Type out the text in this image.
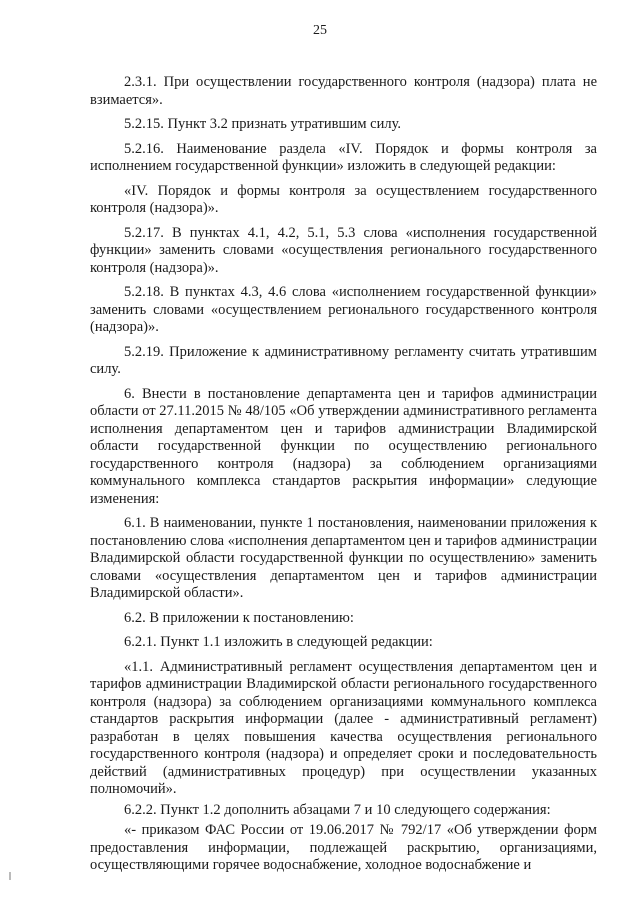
25

2.3.1. При осуществлении государственного контроля (надзора) плата не взимается».

5.2.15. Пункт 3.2 признать утратившим силу.

5.2.16. Наименование раздела «IV. Порядок и формы контроля за исполнением государственной функции» изложить в следующей редакции:

«IV. Порядок и формы контроля за осуществлением государственного контроля (надзора)».

5.2.17. В пунктах 4.1, 4.2, 5.1, 5.3 слова «исполнения государственной функции» заменить словами «осуществления регионального государственного контроля (надзора)».

5.2.18. В пунктах 4.3, 4.6 слова «исполнением государственной функции» заменить словами «осуществлением регионального государственного контроля (надзора)».

5.2.19. Приложение к административному регламенту считать утратившим силу.

6. Внести в постановление департамента цен и тарифов администрации области от 27.11.2015 № 48/105 «Об утверждении административного регламента исполнения департаментом цен и тарифов администрации Владимирской области государственной функции по осуществлению регионального государственного контроля (надзора) за соблюдением организациями коммунального комплекса стандартов раскрытия информации» следующие изменения:

6.1. В наименовании, пункте 1 постановления, наименовании приложения к постановлению слова «исполнения департаментом цен и тарифов администрации Владимирской области государственной функции по осуществлению» заменить словами «осуществления департаментом цен и тарифов администрации Владимирской области».

6.2. В приложении к постановлению:

6.2.1. Пункт 1.1 изложить в следующей редакции:

«1.1. Административный регламент осуществления департаментом цен и тарифов администрации Владимирской области регионального государственного контроля (надзора) за соблюдением организациями коммунального комплекса стандартов раскрытия информации (далее - административный регламент) разработан в целях повышения качества осуществления регионального государственного контроля (надзора) и определяет сроки и последовательность действий (административных процедур) при осуществлении указанных полномочий».

6.2.2. Пункт 1.2 дополнить абзацами 7 и 10 следующего содержания:

«- приказом ФАС России от 19.06.2017 № 792/17 «Об утверждении форм предоставления информации, подлежащей раскрытию, организациями, осуществляющими горячее водоснабжение, холодное водоснабжение и
